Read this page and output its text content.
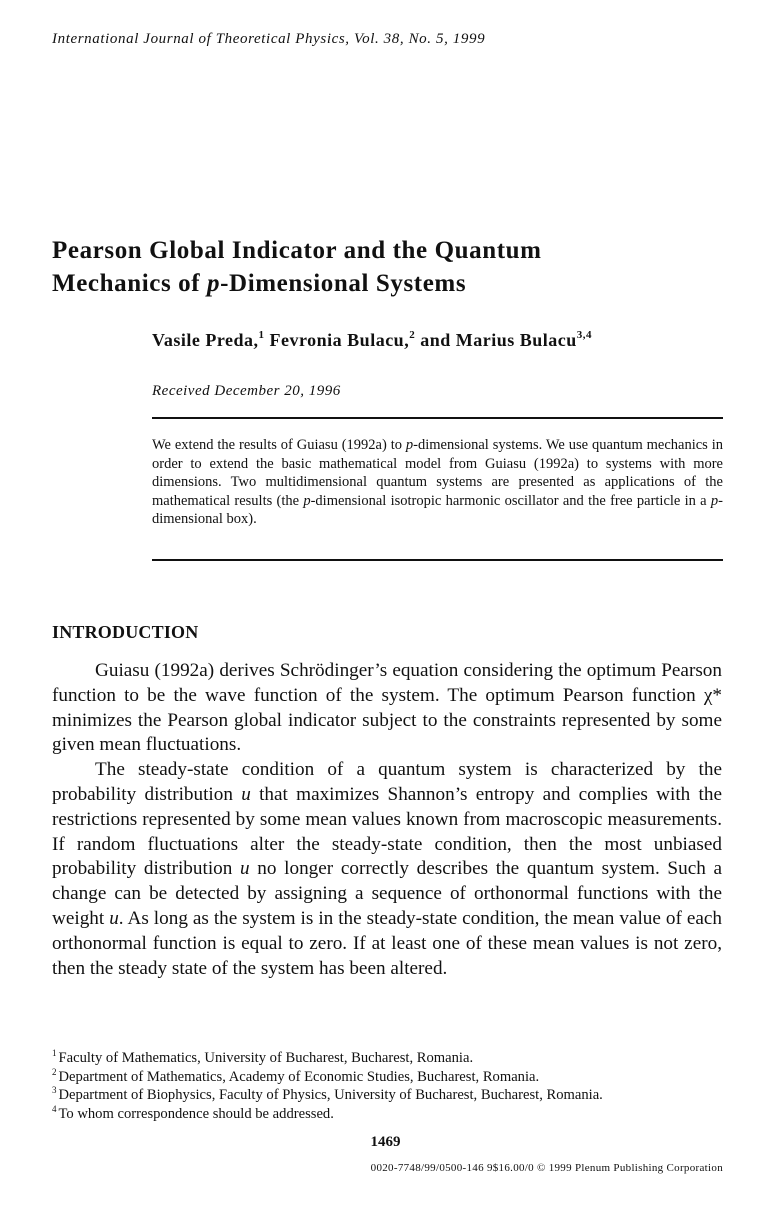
International Journal of Theoretical Physics, Vol. 38, No. 5, 1999
Pearson Global Indicator and the Quantum
Mechanics of p-Dimensional Systems
Vasile Preda,$^1$ Fevronia Bulacu,$^2$ and Marius Bulacu$^{3,4}$
Received December 20, 1996
We extend the results of Guiasu (1992a) to p-dimensional systems. We use quantum mechanics in order to extend the basic mathematical model from Guiasu (1992a) to systems with more dimensions. Two multidimensional quantum systems are presented as applications of the mathematical results (the p-dimensional isotropic harmonic oscillator and the free particle in a p-dimensional box).
INTRODUCTION

Guiasu (1992a) derives Schrödinger’s equation considering the optimum Pearson function to be the wave function of the system. The optimum Pearson function χ* minimizes the Pearson global indicator subject to the constraints represented by some given mean fluctuations.

The steady-state condition of a quantum system is characterized by the probability distribution u that maximizes Shannon’s entropy and complies with the restrictions represented by some mean values known from macroscopic measurements. If random fluctuations alter the steady-state condition, then the most unbiased probability distribution u no longer correctly describes the quantum system. Such a change can be detected by assigning a sequence of orthonormal functions with the weight u. As long as the system is in the steady-state condition, the mean value of each orthonormal function is equal to zero. If at least one of these mean values is not zero, then the steady state of the system has been altered.

$^1$ Faculty of Mathematics, University of Bucharest, Bucharest, Romania.
$^2$ Department of Mathematics, Academy of Economic Studies, Bucharest, Romania.
$^3$ Department of Biophysics, Faculty of Physics, University of Bucharest, Bucharest, Romania.
$^4$ To whom correspondence should be addressed.
1469
0020-7748/99/0500-146 9$16.00/0 © 1999 Plenum Publishing Corporation
